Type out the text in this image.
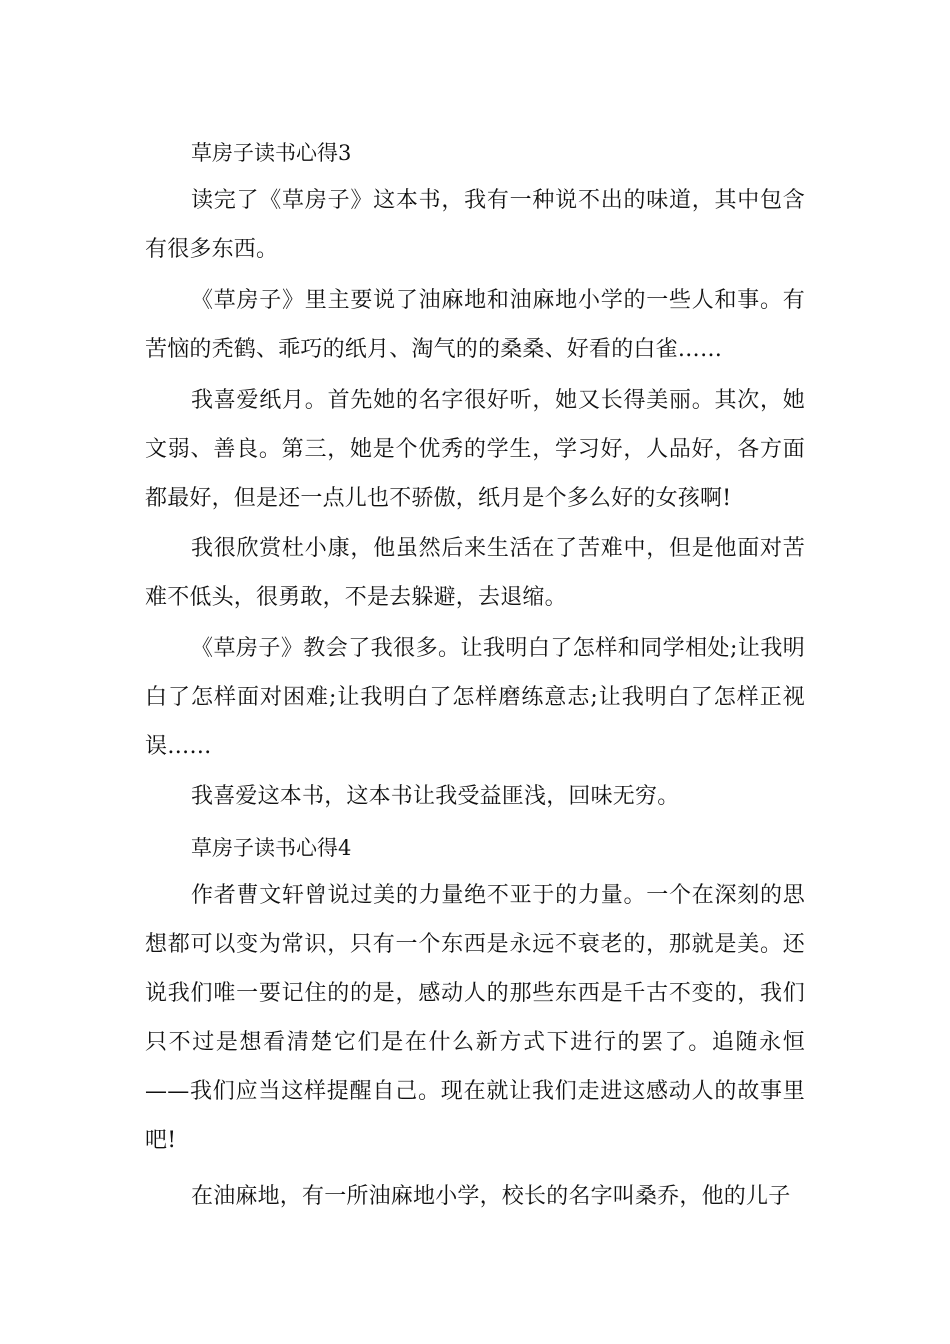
草房子读书心得3

读完了《草房子》这本书，我有一种说不出的味道，其中包含有很多东西。

《草房子》里主要说了油麻地和油麻地小学的一些人和事。有苦恼的秃鹤、乖巧的纸月、淘气的的桑桑、好看的白雀……

我喜爱纸月。首先她的名字很好听，她又长得美丽。其次，她文弱、善良。第三，她是个优秀的学生，学习好，人品好，各方面都最好，但是还一点儿也不骄傲，纸月是个多么好的女孩啊!

我很欣赏杜小康，他虽然后来生活在了苦难中，但是他面对苦难不低头，很勇敢，不是去躲避，去退缩。

《草房子》教会了我很多。让我明白了怎样和同学相处;让我明白了怎样面对困难;让我明白了怎样磨练意志;让我明白了怎样正视误……

我喜爱这本书，这本书让我受益匪浅，回味无穷。

草房子读书心得4

作者曹文轩曾说过美的力量绝不亚于的力量。一个在深刻的思想都可以变为常识，只有一个东西是永远不衰老的，那就是美。还说我们唯一要记住的的是，感动人的那些东西是千古不变的，我们只不过是想看清楚它们是在什么新方式下进行的罢了。追随永恒——我们应当这样提醒自己。现在就让我们走进这感动人的故事里吧!

在油麻地，有一所油麻地小学，校长的名字叫桑乔，他的儿子
